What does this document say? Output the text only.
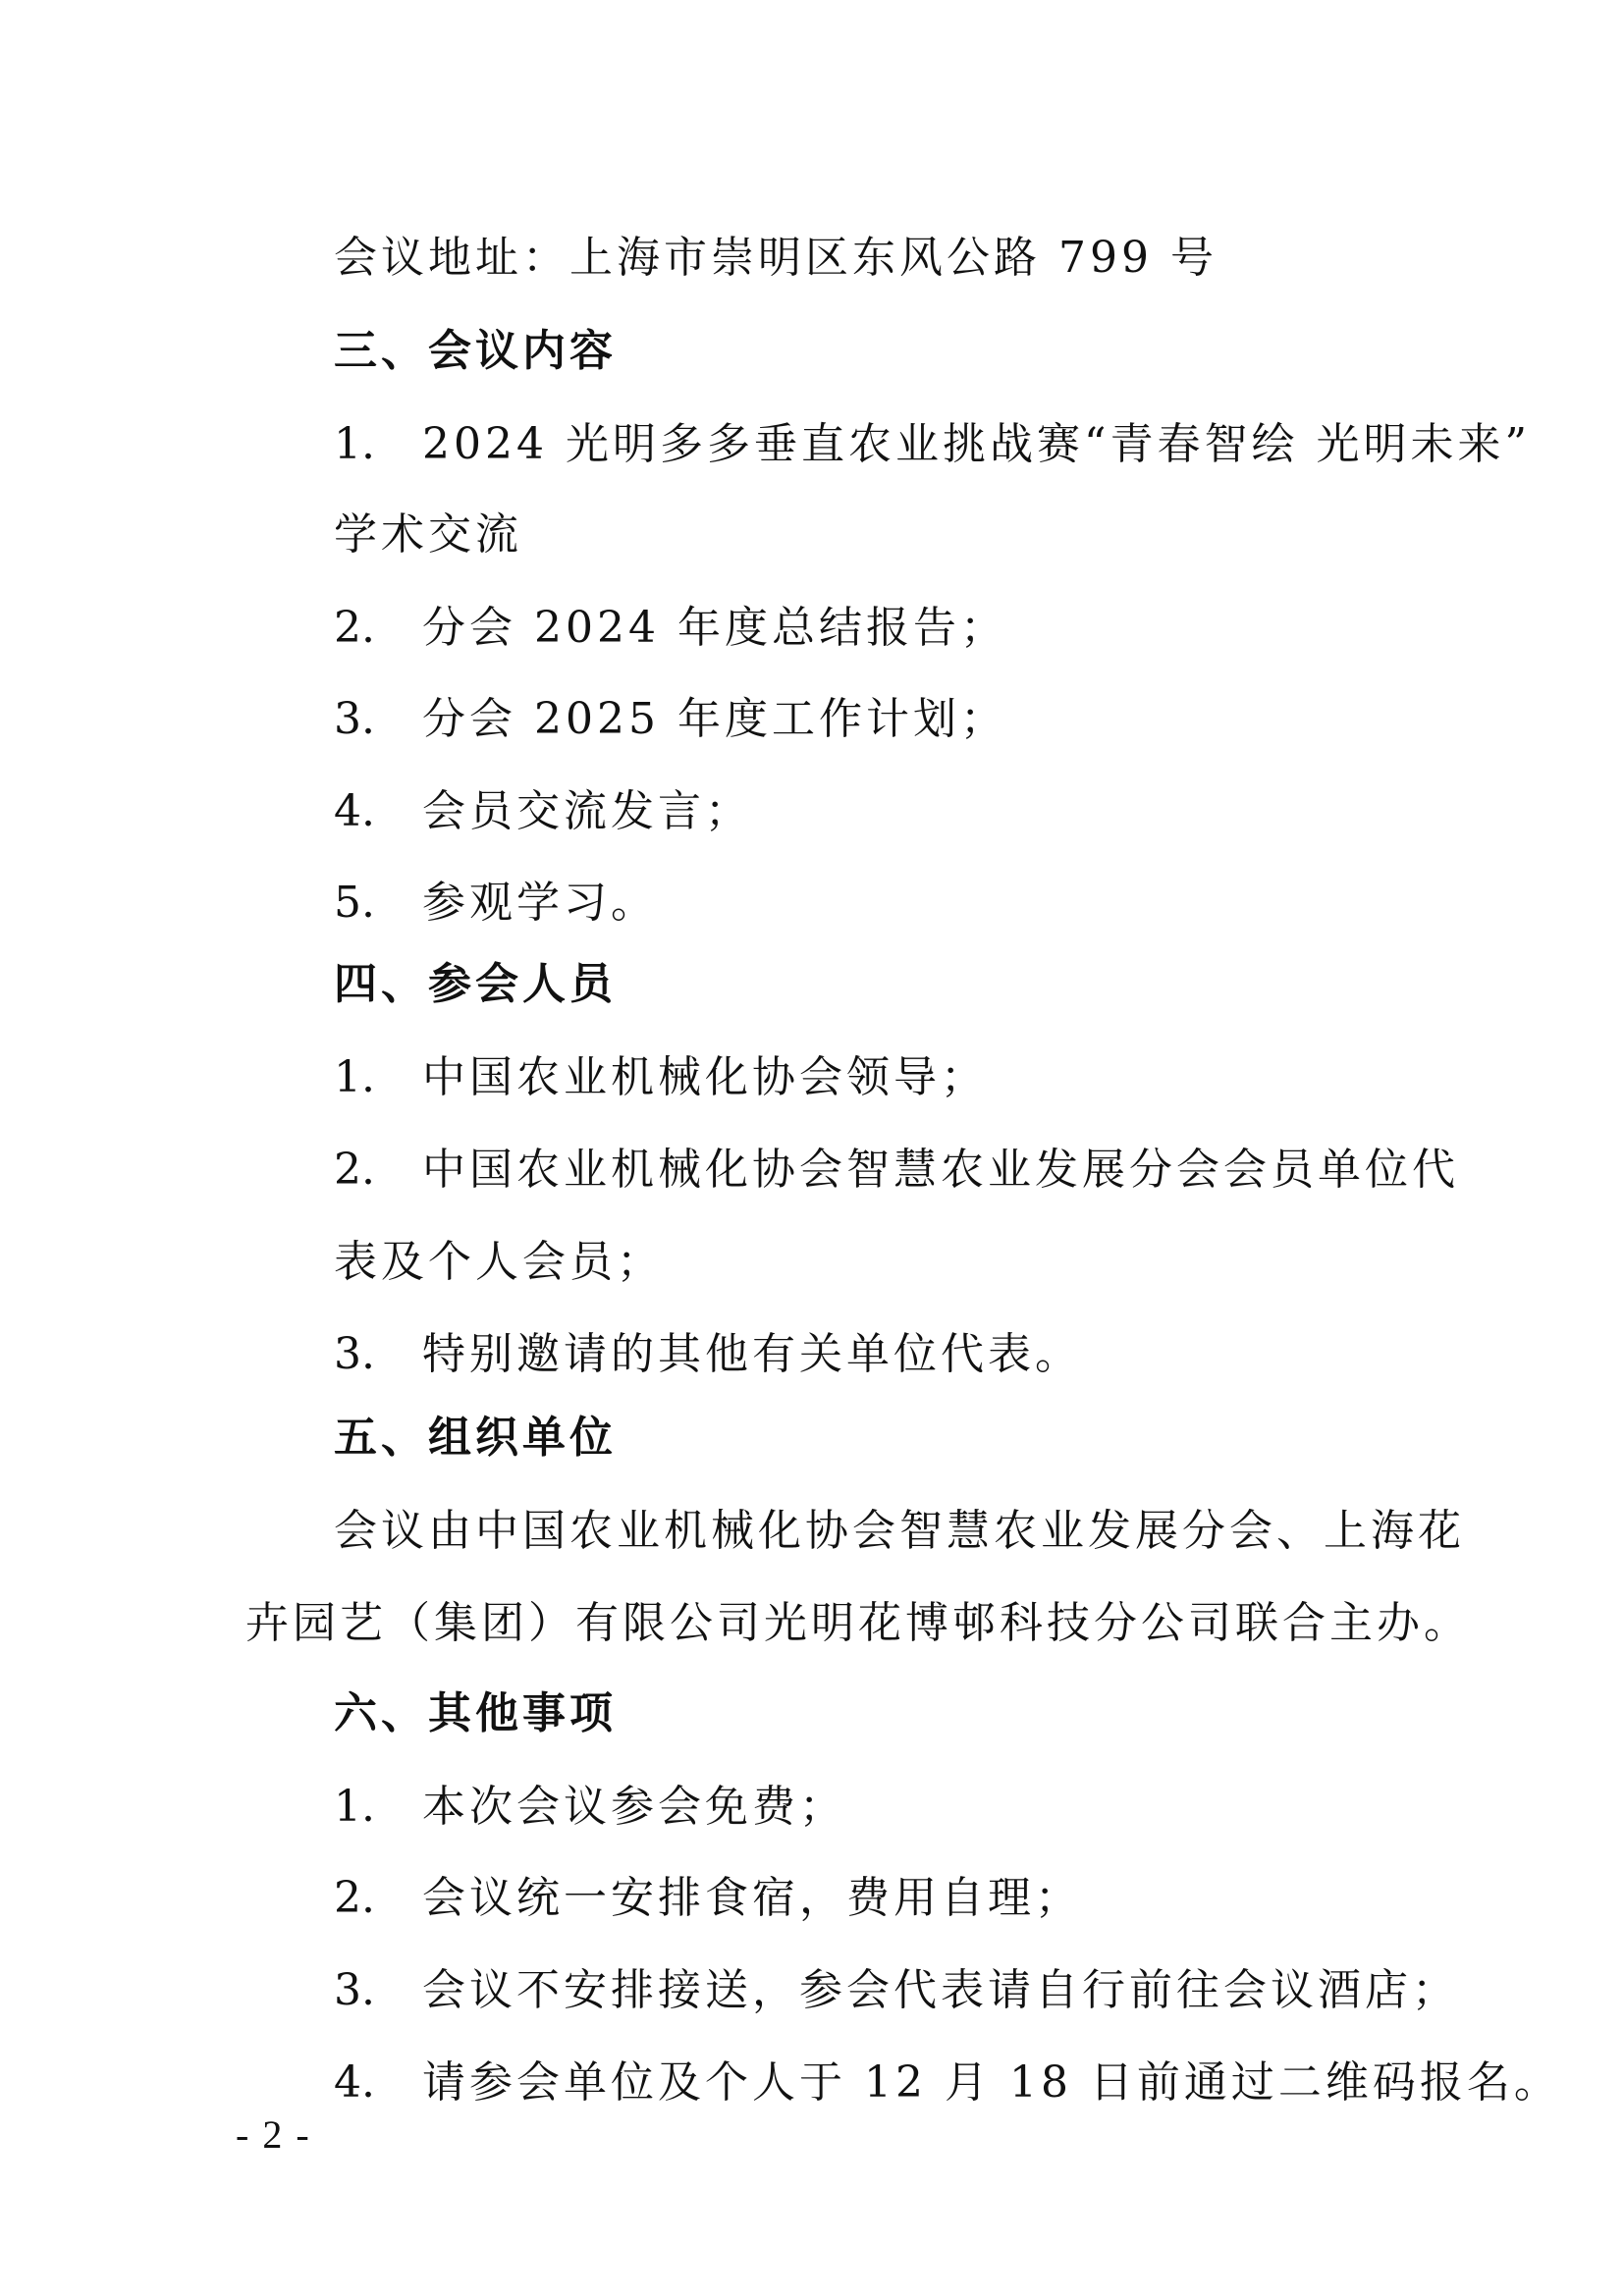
会议地址：上海市崇明区东风公路 799 号
三、会议内容
1. 2024 光明多多垂直农业挑战赛“青春智绘 光明未来”
学术交流
2. 分会 2024 年度总结报告；
3. 分会 2025 年度工作计划；
4. 会员交流发言；
5. 参观学习。
四、参会人员
1. 中国农业机械化协会领导；
2. 中国农业机械化协会智慧农业发展分会会员单位代
表及个人会员；
3. 特别邀请的其他有关单位代表。
五、组织单位
会议由中国农业机械化协会智慧农业发展分会、上海花
卉园艺（集团）有限公司光明花博邨科技分公司联合主办。
六、其他事项
1. 本次会议参会免费；
2. 会议统一安排食宿，费用自理；
3. 会议不安排接送，参会代表请自行前往会议酒店；
4. 请参会单位及个人于 12 月 18 日前通过二维码报名。
- 2 -
